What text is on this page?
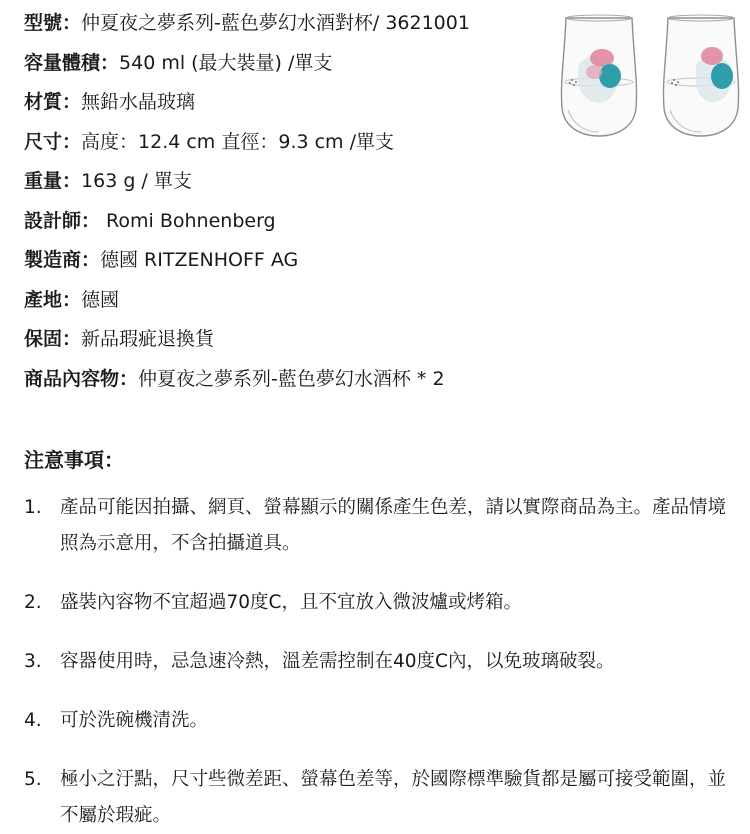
型號：仲夏夜之夢系列-藍色夢幻水酒對杯/ 3621001
容量體積：540 ml (最大裝量) /單支
材質：無鉛水晶玻璃
尺寸：高度：12.4 cm 直徑：9.3 cm /單支
重量：163 g / 單支
設計師： Romi Bohnenberg
製造商：德國 RITZENHOFF AG
產地：德國
保固：新品瑕疵退換貨
商品內容物：仲夏夜之夢系列-藍色夢幻水酒杯 * 2
注意事項：
1. 產品可能因拍攝、網頁、螢幕顯示的關係產生色差，請以實際商品為主。產品情境照為示意用，不含拍攝道具。
2. 盛裝內容物不宜超過70度C，且不宜放入微波爐或烤箱。
3. 容器使用時，忌急速冷熱，溫差需控制在40度C內，以免玻璃破裂。
4. 可於洗碗機清洗。
5. 極小之汙點，尺寸些微差距、螢幕色差等，於國際標準驗貨都是屬可接受範圍，並不屬於瑕疵。
